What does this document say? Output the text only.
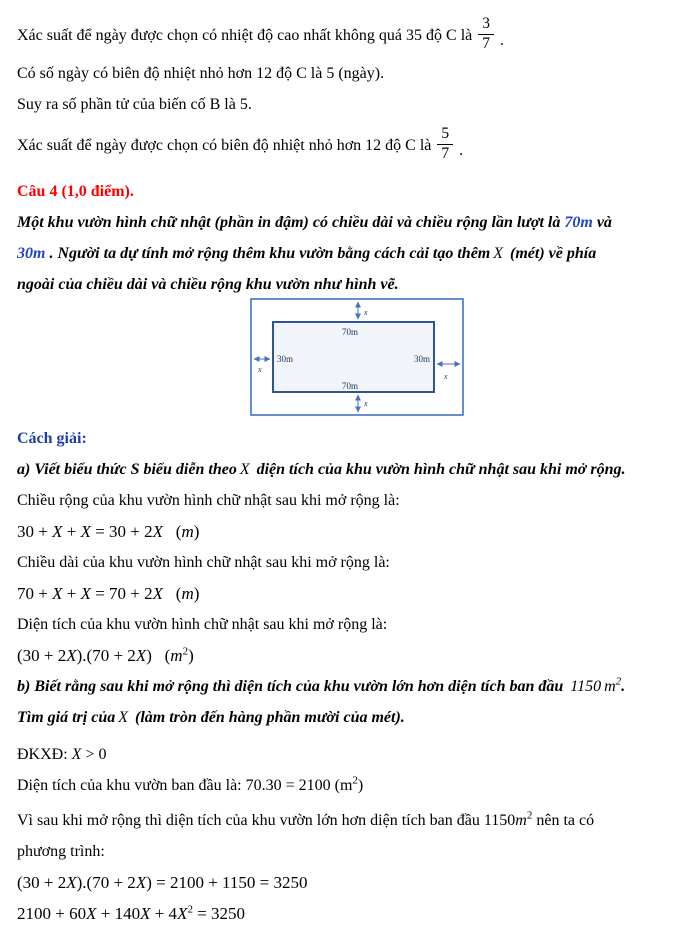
Xác suất để ngày được chọn có nhiệt độ cao nhất không quá 35 độ C là $\frac{3}{7}$ .

Có số ngày có biên độ nhiệt nhỏ hơn 12 độ C là 5 (ngày).

Suy ra số phần tử của biến cố B là 5.

Xác suất để ngày được chọn có biên độ nhiệt nhỏ hơn 12 độ C là $\frac{5}{7}$ .

Câu 4 (1,0 điểm).

Một khu vườn hình chữ nhật (phần in đậm) có chiều dài và chiều rộng lần lượt là 70m và

30m . Người ta dự tính mở rộng thêm khu vườn bằng cách cải tạo thêm X (mét) về phía

ngoài của chiều dài và chiều rộng khu vườn như hình vẽ.

70m
70m
30m	30m
x
x
x
x

Cách giải:

a) Viết biểu thức S biểu diễn theo X diện tích của khu vườn hình chữ nhật sau khi mở rộng.

Chiều rộng của khu vườn hình chữ nhật sau khi mở rộng là:

30 + X + X = 30 + 2X  (m)

Chiều dài của khu vườn hình chữ nhật sau khi mở rộng là:

70 + X + X = 70 + 2X  (m)

Diện tích của khu vườn hình chữ nhật sau khi mở rộng là:

(30 + 2X).(70 + 2X)  $(m^2)$

b) Biết rằng sau khi mở rộng thì diện tích của khu vườn lớn hơn diện tích ban đầu 1150 $m^2$.

Tìm giá trị của X (làm tròn đến hàng phần mười của mét).

ĐKXĐ: X > 0

Diện tích của khu vườn ban đầu là: 70.30 = 2100 $(m^2)$

Vì sau khi mở rộng thì diện tích của khu vườn lớn hơn diện tích ban đầu $1150m^2$ nên ta có

phương trình:

(30 + 2X).(70 + 2X) = 2100 + 1150 = 3250

$2100 + 60X + 140X + 4X^2 = 3250$
